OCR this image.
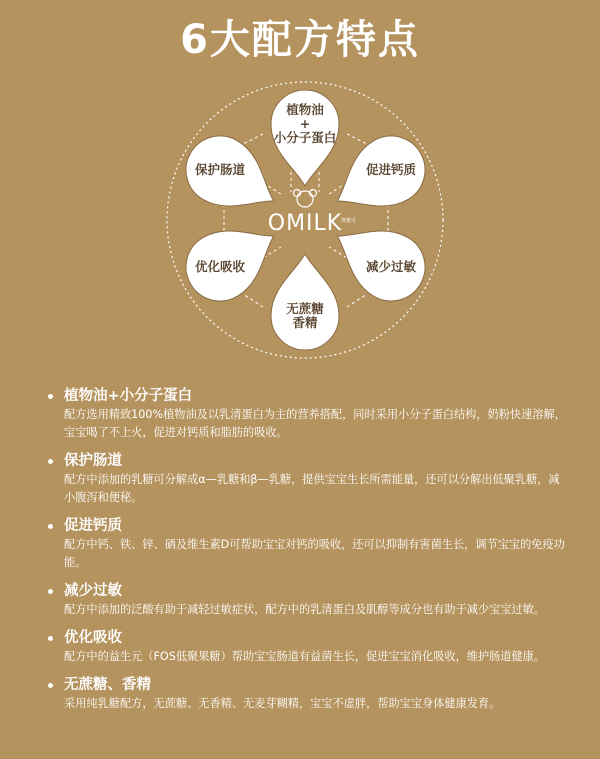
6大配方特点
植物油
+
小分子蛋白
促进钙质
减少过敏
无蔗糖
香精
优化吸收
保护肠道
OMILK
澳蜜可
植物油+小分子蛋白
配方选用精致100%植物油及以乳清蛋白为主的营养搭配，同时采用小分子蛋白结构，奶粉快速溶解，宝宝喝了不上火，促进对钙质和脂肪的吸收。
保护肠道
配方中添加的乳糖可分解成α—乳糖和β—乳糖，提供宝宝生长所需能量，还可以分解出低聚乳糖，减小腹泻和便秘。
促进钙质
配方中钙、铁、锌、硒及维生素D可帮助宝宝对钙的吸收，还可以抑制有害菌生长，调节宝宝的免疫功能。
减少过敏
配方中添加的泛酸有助于减轻过敏症状，配方中的乳清蛋白及肌醇等成分也有助于减少宝宝过敏。
优化吸收
配方中的益生元（FOS低聚果糖）帮助宝宝肠道有益菌生长，促进宝宝消化吸收，维护肠道健康。
无蔗糖、香精
采用纯乳糖配方，无蔗糖、无香精、无麦芽糊精，宝宝不虚胖，帮助宝宝身体健康发育。
